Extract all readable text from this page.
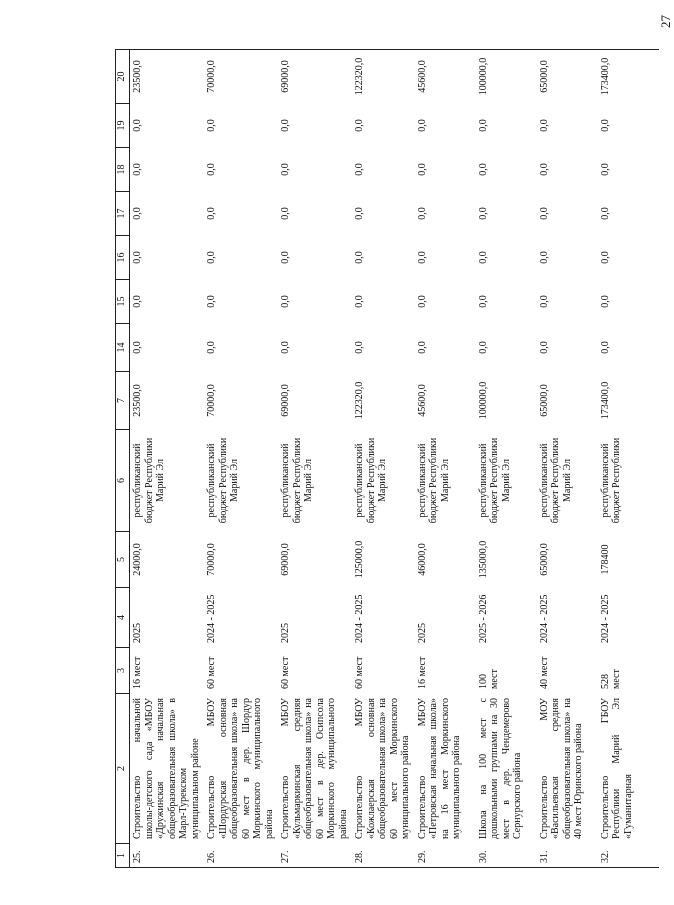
27
1	2	3	4	5	6	7	14	15	16	17	18	19	20
25.	Строительство начальной школы-детского сада «МБОУ «Дружинская начальная общеобразовательная школа» в Марл-Турекском муниципальном районе	16 мест	2025	24000,0	республиканский бюджет Республики Марий Эл	23500,0	0,0	0,0	0,0	0,0	0,0	0,0	23500,0
26.	Строительство МБОУ «Шордурская основная общеобразовательная школа» на 60 мест в дер. Шордур Моркинского муниципального района	60 мест	2024 - 2025	70000,0	республиканский бюджет Республики Марий Эл	70000,0	0,0	0,0	0,0	0,0	0,0	0,0	70000,0
27.	Строительство МБОУ «Кульмаркинская средняя общеобразовательная школа» на 60 мест в дер. Осипсола Моркинского муниципального района	60 мест	2025	69000,0	республиканский бюджет Республики Марий Эл	69000,0	0,0	0,0	0,0	0,0	0,0	0,0	69000,0
28.	Строительство МБОУ «Кожлаерская основная общеобразовательная школа» на 60 мест Моркинского муниципального района	60 мест	2024 - 2025	125000,0	республиканский бюджет Республики Марий Эл	122320,0	0,0	0,0	0,0	0,0	0,0	0,0	122320,0
29.	Строительство МБОУ «Петровская начальная школа» на 16 мест Моркинского муниципального района	16 мест	2025	46000,0	республиканский бюджет Республики Марий Эл	45600,0	0,0	0,0	0,0	0,0	0,0	0,0	45600,0
30.	Школа на 100 мест с дошкольными группами на 30 мест в дер. Чендемерово Сернурского района	100 мест	2025 - 2026	135000,0	республиканский бюджет Республики Марий Эл	100000,0	0,0	0,0	0,0	0,0	0,0	0,0	100000,0
31.	Строительство МОУ «Васильевская средняя общеобразовательная школа» на 40 мест Юринского района	40 мест	2024 - 2025	65000,0	республиканский бюджет Республики Марий Эл	65000,0	0,0	0,0	0,0	0,0	0,0	0,0	65000,0
32.	Строительство ГБОУ Республики Марий Эл «Гуманитарная	528 мест	2024 - 2025	178400	республиканский бюджет Республики	173400,0	0,0	0,0	0,0	0,0	0,0	0,0	173400,0
